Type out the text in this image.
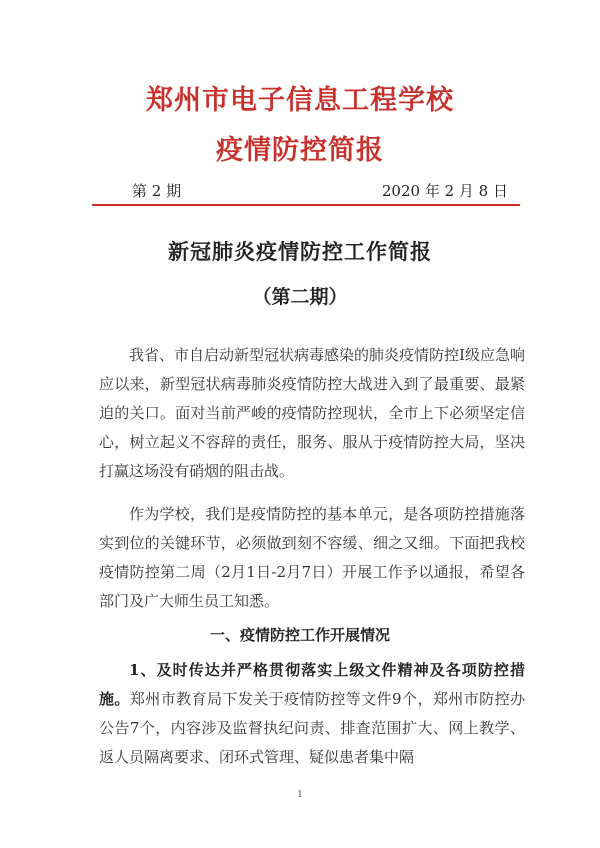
郑州市电子信息工程学校
疫情防控简报
第 2 期	2020 年 2 月 8 日
新冠肺炎疫情防控工作简报
（第二期）

我省、市自启动新型冠状病毒感染的肺炎疫情防控Ⅰ级应急响应以来，新型冠状病毒肺炎疫情防控大战进入到了最重要、最紧迫的关口。面对当前严峻的疫情防控现状，全市上下必须坚定信心，树立起义不容辞的责任，服务、服从于疫情防控大局，坚决打赢这场没有硝烟的阻击战。

作为学校，我们是疫情防控的基本单元，是各项防控措施落实到位的关键环节，必须做到刻不容缓、细之又细。下面把我校疫情防控第二周（2月1日-2月7日）开展工作予以通报，希望各部门及广大师生员工知悉。

一、疫情防控工作开展情况

1、及时传达并严格贯彻落实上级文件精神及各项防控措施。郑州市教育局下发关于疫情防控等文件9个，郑州市防控办公告7个，内容涉及监督执纪问责、排查范围扩大、网上教学、返人员隔离要求、闭环式管理、疑似患者集中隔

1
